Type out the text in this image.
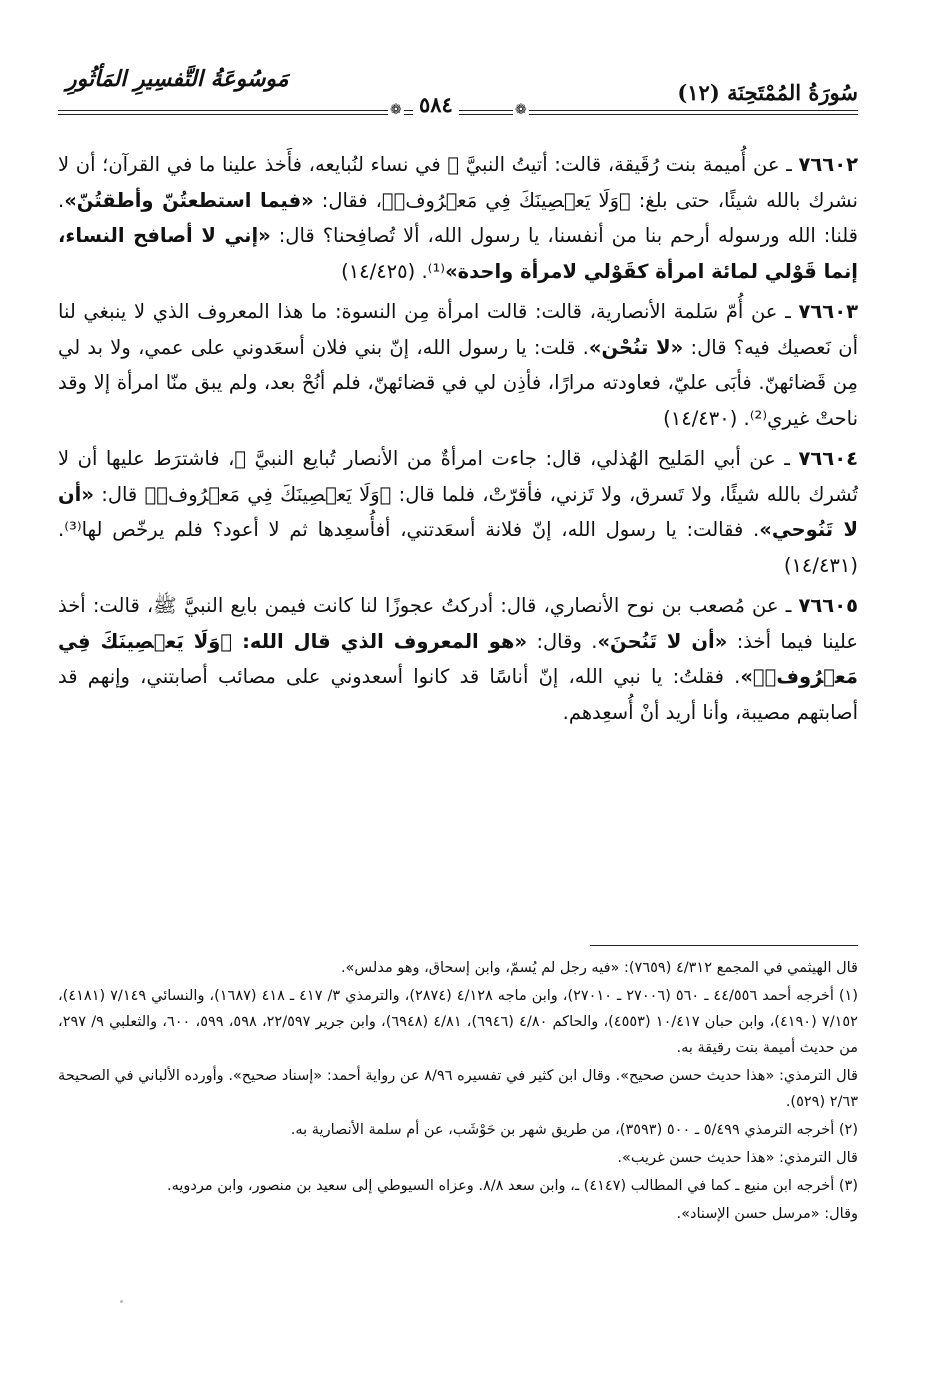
سُورَةُ المُمْتَحِنَة (١٢)
مَوسُوعَةُ التَّفسِيرِ المَأثُورِ
❁
٥٨٤
❁

٧٦٦٠٢ ـ عن أُميمة بنت رُقَيقة، قالت: أتيتُ النبيَّ ﷺ في نساء لنُبايعه، فأَخذ علينا ما في القرآن؛ أن لا نشرك بالله شيئًا، حتى بلغ: ﴿وَلَا يَعۡصِينَكَ فِي مَعۡرُوفٖ﴾، فقال: «فيما استطعتُنّ وأطقتُنّ». قلنا: الله ورسوله أرحم بنا من أنفسنا، يا رسول الله، ألا تُصافِحنا؟ قال: «إني لا أصافح النساء، إنما قَوْلي لمائة امرأة كقَوْلي لامرأة واحدة»⁽¹⁾. (١٤/٤٢٥)

٧٦٦٠٣ ـ عن أُمّ سَلمة الأنصارية، قالت: قالت امرأة مِن النسوة: ما هذا المعروف الذي لا ينبغي لنا أن نَعصيك فيه؟ قال: «لا تنُحْن». قلت: يا رسول الله، إنّ بني فلان أسعَدوني على عمي، ولا بد لي مِن قَضائهنّ. فأبَى عليّ، فعاودته مرارًا، فأذِن لي في قضائهنّ، فلم أنُحْ بعد، ولم يبق منّا امرأة إلا وقد ناحتْ غيري⁽²⁾. (١٤/٤٣٠)

٧٦٦٠٤ ـ عن أبي المَليح الهُذلي، قال: جاءت امرأةٌ من الأنصار تُبايع النبيَّ ﷺ، فاشترَط عليها أن لا تُشرك بالله شيئًا، ولا تَسرق، ولا تَزني، فأقرّتْ، فلما قال: ﴿وَلَا يَعۡصِينَكَ فِي مَعۡرُوفٖ﴾ قال: «أن لا تَنُوحي». فقالت: يا رسول الله، إنّ فلانة أسعَدتني، أفأُسعِدها ثم لا أعود؟ فلم يرخّص لها⁽³⁾. (١٤/٤٣١)

٧٦٦٠٥ ـ عن مُصعب بن نوح الأنصاري، قال: أدركتُ عجوزًا لنا كانت فيمن بايع النبيَّ ﷺ، قالت: أخذ علينا فيما أخذ: «أن لا تَنُحنَ». وقال: «هو المعروف الذي قال الله: ﴿وَلَا يَعۡصِينَكَ فِي مَعۡرُوفٖ﴾». فقلتُ: يا نبي الله، إنّ أناسًا قد كانوا أسعدوني على مصائب أصابتني، وإنهم قد أصابتهم مصيبة، وأنا أريد أنْ أُسعِدهم.

قال الهيثمي في المجمع ٤/٣١٢ (٧٦٥٩): «فيه رجل لم يُسمّ، وابن إسحاق، وهو مدلس».

(١) أخرجه أحمد ٤٤/٥٥٦ ـ ٥٦٠ (٢٧٠٠٦ ـ ٢٧٠١٠)، وابن ماجه ٤/١٢٨ (٢٨٧٤)، والترمذي ٣/ ٤١٧ ـ ٤١٨ (١٦٨٧)، والنسائي ٧/١٤٩ (٤١٨١)، ٧/١٥٢ (٤١٩٠)، وابن حبان ١٠/٤١٧ (٤٥٥٣)، والحاكم ٤/٨٠ (٦٩٤٦)، ٤/٨١ (٦٩٤٨)، وابن جرير ٢٢/٥٩٧، ٥٩٨، ٥٩٩، ٦٠٠، والثعلبي ٩/ ٢٩٧، من حديث أميمة بنت رقيقة به.

قال الترمذي: «هذا حديث حسن صحيح». وقال ابن كثير في تفسيره ٨/٩٦ عن رواية أحمد: «إسناد صحيح». وأورده الألباني في الصحيحة ٢/٦٣ (٥٢٩).

(٢) أخرجه الترمذي ٥/٤٩٩ ـ ٥٠٠ (٣٥٩٣)، من طريق شهر بن حَوْشَب، عن أم سلمة الأنصارية به.

قال الترمذي: «هذا حديث حسن غريب».

(٣) أخرجه ابن منيع ـ كما في المطالب (٤١٤٧) ـ، وابن سعد ٨/٨. وعزاه السيوطي إلى سعيد بن منصور، وابن مردويه.

وقال: «مرسل حسن الإسناد».
